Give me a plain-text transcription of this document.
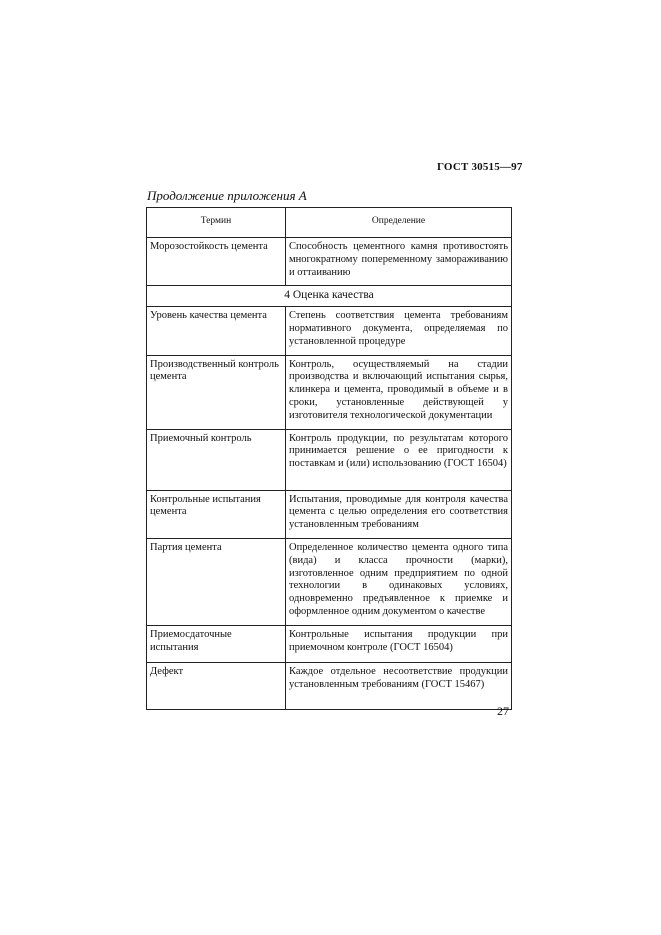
ГОСТ 30515—97
Продолжение приложения А
Термин	Определение
Морозостойкость цемента	Способность цементного камня противостоять многократному попеременному замораживанию и оттаиванию
4 Оценка качества	
Уровень качества цемента	Степень соответствия цемента требованиям нормативного документа, определяемая по установленной процедуре
Производственный контроль цемента	Контроль, осуществляемый на стадии производства и включающий испытания сырья, клинкера и цемента, проводимый в объеме и в сроки, установленные действующей у изготовителя технологической документации
Приемочный контроль	Контроль продукции, по результатам которого принимается решение о ее пригодности к поставкам и (или) использованию (ГОСТ 16504)
Контрольные испытания цемента	Испытания, проводимые для контроля качества цемента с целью определения его соответствия установленным требованиям
Партия цемента	Определенное количество цемента одного типа (вида) и класса прочности (марки), изготовленное одним предприятием по одной технологии в одинаковых условиях, одновременно предъявленное к приемке и оформленное одним документом о качестве
Приемосдаточные испытания	Контрольные испытания продукции при приемочном контроле (ГОСТ 16504)
Дефект	Каждое отдельное несоответствие продукции установленным требованиям (ГОСТ 15467)
27
